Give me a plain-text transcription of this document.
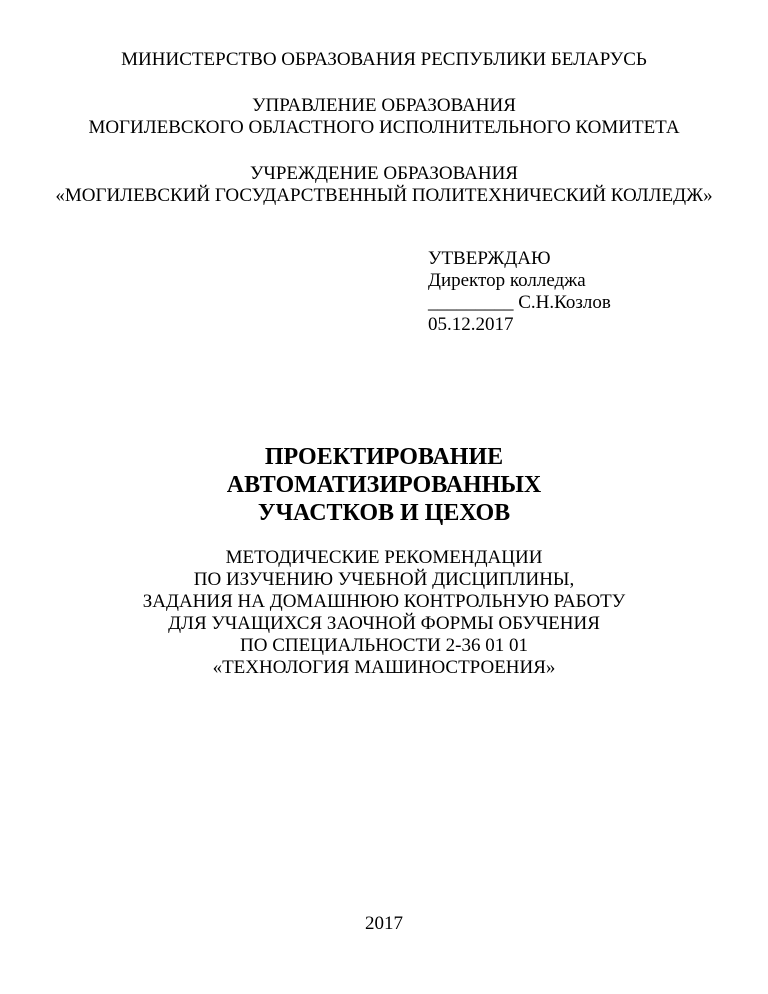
МИНИСТЕРСТВО ОБРАЗОВАНИЯ РЕСПУБЛИКИ БЕЛАРУСЬ
УПРАВЛЕНИЕ ОБРАЗОВАНИЯ
МОГИЛЕВСКОГО ОБЛАСТНОГО ИСПОЛНИТЕЛЬНОГО КОМИТЕТА
УЧРЕЖДЕНИЕ ОБРАЗОВАНИЯ
«МОГИЛЕВСКИЙ ГОСУДАРСТВЕННЫЙ ПОЛИТЕХНИЧЕСКИЙ КОЛЛЕДЖ»
УТВЕРЖДАЮ
Директор колледжа
_________ С.Н.Козлов
05.12.2017
ПРОЕКТИРОВАНИЕ
АВТОМАТИЗИРОВАННЫХ
УЧАСТКОВ И ЦЕХОВ
МЕТОДИЧЕСКИЕ РЕКОМЕНДАЦИИ
ПО ИЗУЧЕНИЮ УЧЕБНОЙ ДИСЦИПЛИНЫ,
ЗАДАНИЯ НА ДОМАШНЮЮ КОНТРОЛЬНУЮ РАБОТУ
ДЛЯ УЧАЩИХСЯ ЗАОЧНОЙ ФОРМЫ ОБУЧЕНИЯ
ПО СПЕЦИАЛЬНОСТИ 2-36 01 01
«ТЕХНОЛОГИЯ МАШИНОСТРОЕНИЯ»
2017
